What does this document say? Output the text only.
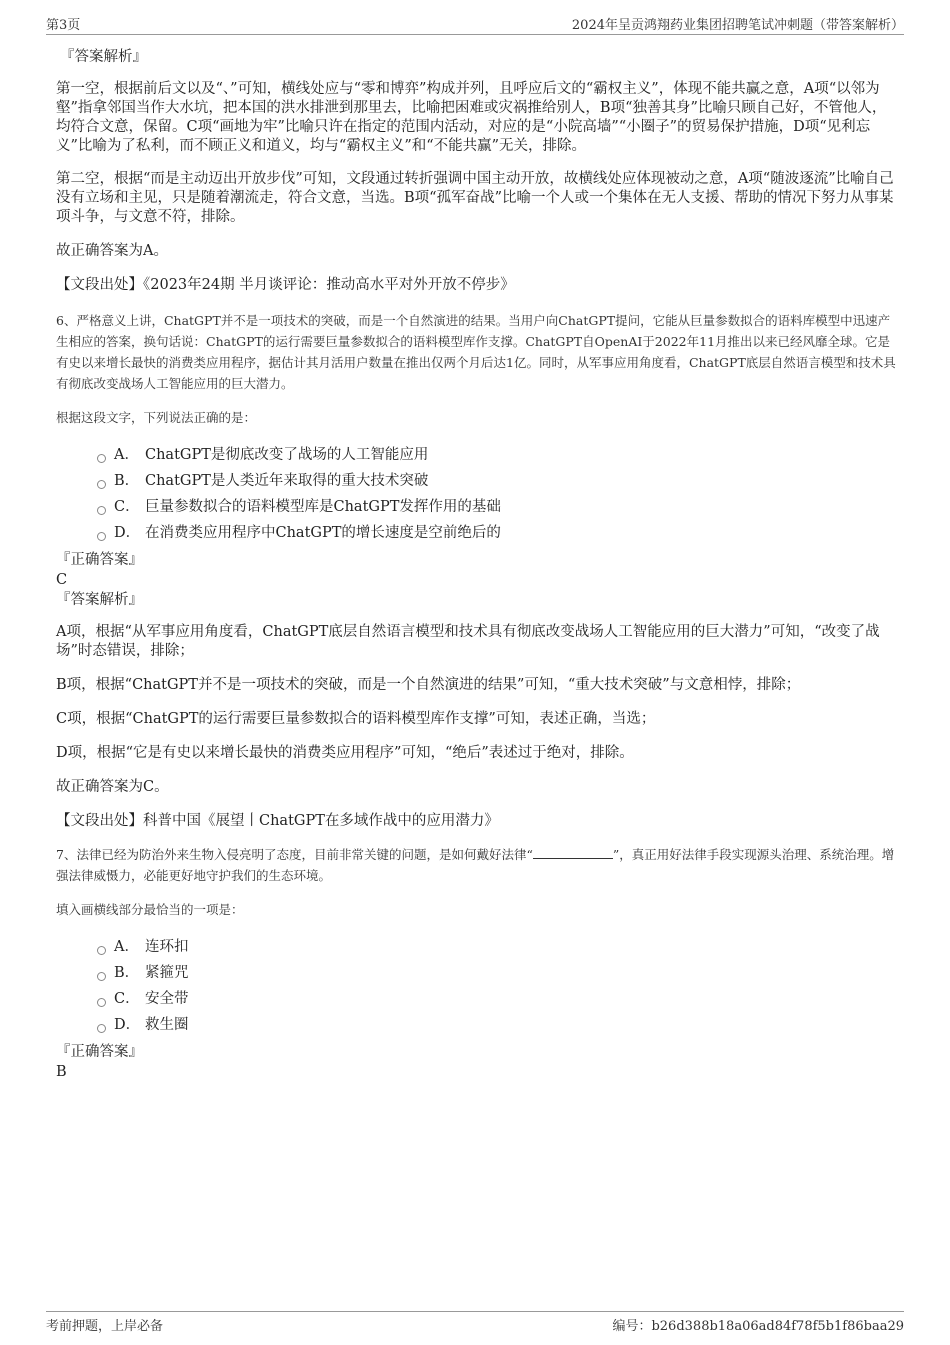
第3页	2024年呈贡鸿翔药业集团招聘笔试冲刺题（带答案解析）

『答案解析』

第一空，根据前后文以及“、”可知，横线处应与“零和博弈”构成并列，且呼应后文的“霸权主义”，体现不能共赢之意，A项“以邻为壑”指拿邻国当作大水坑，把本国的洪水排泄到那里去，比喻把困难或灾祸推给别人，B项“独善其身”比喻只顾自己好，不管他人，均符合文意，保留。C项“画地为牢”比喻只许在指定的范围内活动，对应的是“小院高墙”“小圈子”的贸易保护措施，D项“见利忘义”比喻为了私利，而不顾正义和道义，均与“霸权主义”和“不能共赢”无关，排除。

第二空，根据“而是主动迈出开放步伐”可知，文段通过转折强调中国主动开放，故横线处应体现被动之意，A项“随波逐流”比喻自己没有立场和主见，只是随着潮流走，符合文意，当选。B项“孤军奋战”比喻一个人或一个集体在无人支援、帮助的情况下努力从事某项斗争，与文意不符，排除。

故正确答案为A。

【文段出处】《2023年24期 半月谈评论：推动高水平对外开放不停步》

6、严格意义上讲，ChatGPT并不是一项技术的突破，而是一个自然演进的结果。当用户向ChatGPT提问，它能从巨量参数拟合的语料库模型中迅速产生相应的答案，换句话说：ChatGPT的运行需要巨量参数拟合的语料模型库作支撑。ChatGPT自OpenAI于2022年11月推出以来已经风靡全球。它是有史以来增长最快的消费类应用程序，据估计其月活用户数量在推出仅两个月后达1亿。同时，从军事应用角度看，ChatGPT底层自然语言模型和技术具有彻底改变战场人工智能应用的巨大潜力。

根据这段文字，下列说法正确的是：

A． ChatGPT是彻底改变了战场的人工智能应用
B． ChatGPT是人类近年来取得的重大技术突破
C． 巨量参数拟合的语料模型库是ChatGPT发挥作用的基础
D． 在消费类应用程序中ChatGPT的增长速度是空前绝后的

『正确答案』

C

『答案解析』

A项，根据“从军事应用角度看，ChatGPT底层自然语言模型和技术具有彻底改变战场人工智能应用的巨大潜力”可知，“改变了战场”时态错误，排除；

B项，根据“ChatGPT并不是一项技术的突破，而是一个自然演进的结果”可知，“重大技术突破”与文意相悖，排除；

C项，根据“ChatGPT的运行需要巨量参数拟合的语料模型库作支撑”可知，表述正确，当选；

D项，根据“它是有史以来增长最快的消费类应用程序”可知，“绝后”表述过于绝对，排除。

故正确答案为C。

【文段出处】科普中国《展望丨ChatGPT在多域作战中的应用潜力》

7、法律已经为防治外来生物入侵亮明了态度，目前非常关键的问题，是如何戴好法律“	”，真正用好法律手段实现源头治理、系统治理。增强法律威慑力，必能更好地守护我们的生态环境。

填入画横线部分最恰当的一项是：

A． 连环扣
B． 紧箍咒
C． 安全带
D． 救生圈

『正确答案』

B

考前押题，上岸必备	编号：b26d388b18a06ad84f78f5b1f86baa29
